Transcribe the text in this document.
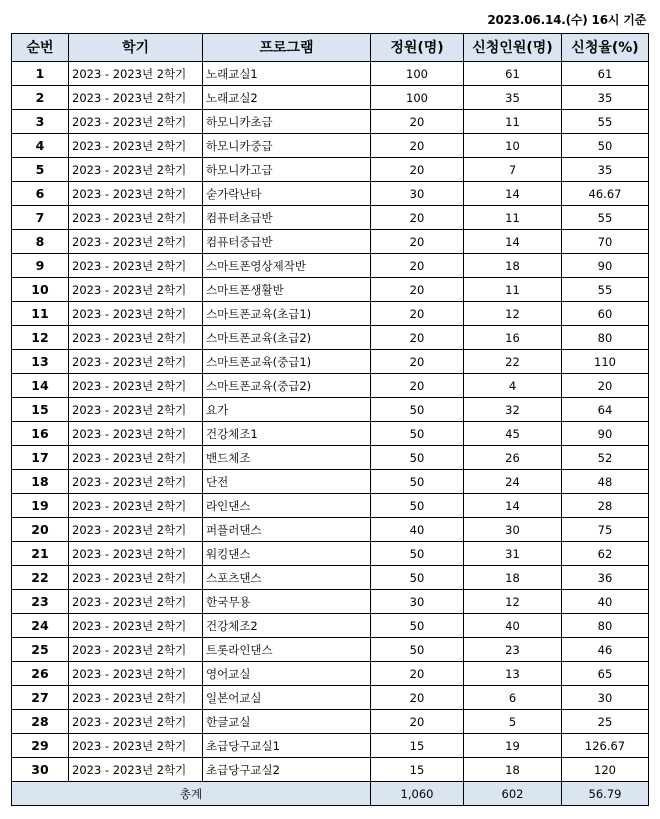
2023.06.14.(수) 16시 기준
순번	학기	프로그램	정원(명)	신청인원(명)	신청율(%)
1	2023 - 2023년 2학기	노래교실1	100	61	61
2	2023 - 2023년 2학기	노래교실2	100	35	35
3	2023 - 2023년 2학기	하모니카초급	20	11	55
4	2023 - 2023년 2학기	하모니카중급	20	10	50
5	2023 - 2023년 2학기	하모니카고급	20	7	35
6	2023 - 2023년 2학기	숟가락난타	30	14	46.67
7	2023 - 2023년 2학기	컴퓨터초급반	20	11	55
8	2023 - 2023년 2학기	컴퓨터중급반	20	14	70
9	2023 - 2023년 2학기	스마트폰영상제작반	20	18	90
10	2023 - 2023년 2학기	스마트폰생활반	20	11	55
11	2023 - 2023년 2학기	스마트폰교육(초급1)	20	12	60
12	2023 - 2023년 2학기	스마트폰교육(초급2)	20	16	80
13	2023 - 2023년 2학기	스마트폰교육(중급1)	20	22	110
14	2023 - 2023년 2학기	스마트폰교육(중급2)	20	4	20
15	2023 - 2023년 2학기	요가	50	32	64
16	2023 - 2023년 2학기	건강체조1	50	45	90
17	2023 - 2023년 2학기	밴드체조	50	26	52
18	2023 - 2023년 2학기	단전	50	24	48
19	2023 - 2023년 2학기	라인댄스	50	14	28
20	2023 - 2023년 2학기	퍼플러댄스	40	30	75
21	2023 - 2023년 2학기	워킹댄스	50	31	62
22	2023 - 2023년 2학기	스포츠댄스	50	18	36
23	2023 - 2023년 2학기	한국무용	30	12	40
24	2023 - 2023년 2학기	건강체조2	50	40	80
25	2023 - 2023년 2학기	트롯라인댄스	50	23	46
26	2023 - 2023년 2학기	영어교실	20	13	65
27	2023 - 2023년 2학기	일본어교실	20	6	30
28	2023 - 2023년 2학기	한글교실	20	5	25
29	2023 - 2023년 2학기	초급당구교실1	15	19	126.67
30	2023 - 2023년 2학기	초급당구교실2	15	18	120
총계			1,060	602	56.79
